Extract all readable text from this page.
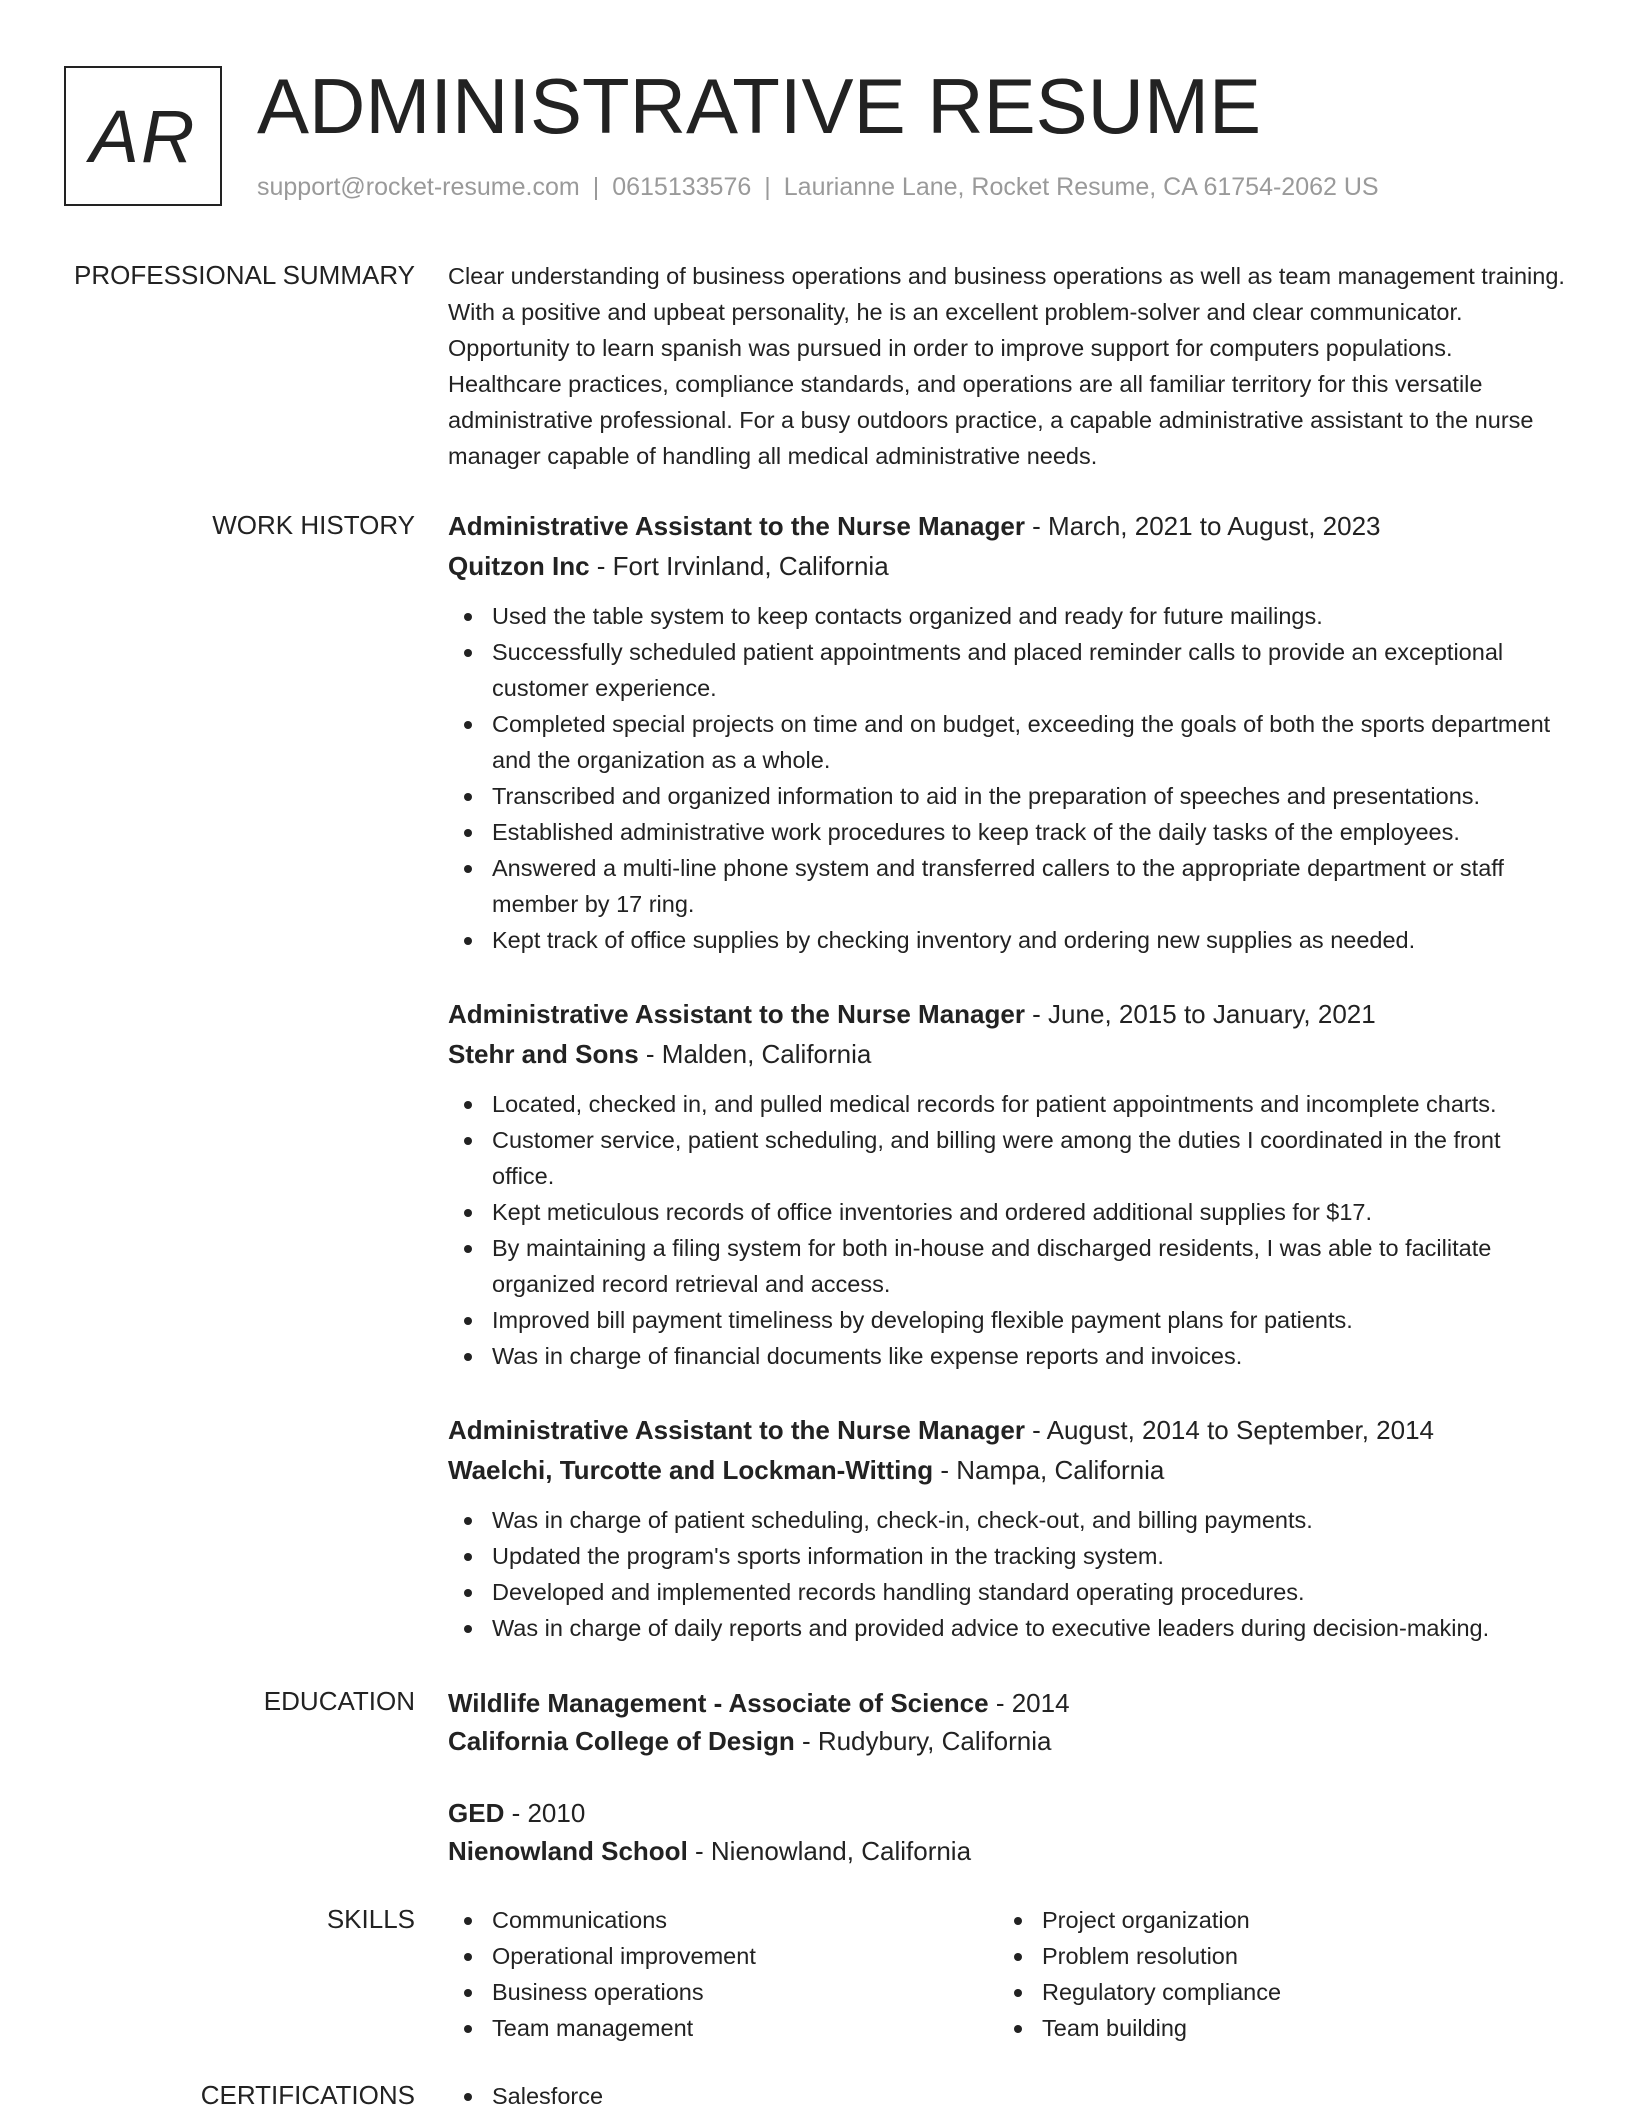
AR ADMINISTRATIVE RESUME
support@rocket-resume.com | 0615133576 | Laurianne Lane, Rocket Resume, CA 61754-2062 US
PROFESSIONAL SUMMARY Clear understanding of business operations and business operations as well as team management training. With a positive and upbeat personality, he is an excellent problem-solver and clear communicator. Opportunity to learn spanish was pursued in order to improve support for computers populations. Healthcare practices, compliance standards, and operations are all familiar territory for this versatile administrative professional. For a busy outdoors practice, a capable administrative assistant to the nurse manager capable of handling all medical administrative needs.

WORK HISTORY Administrative Assistant to the Nurse Manager - March, 2021 to August, 2023
Quitzon Inc - Fort Irvinland, California
Used the table system to keep contacts organized and ready for future mailings.
Successfully scheduled patient appointments and placed reminder calls to provide an exceptional customer experience.
Completed special projects on time and on budget, exceeding the goals of both the sports department and the organization as a whole.
Transcribed and organized information to aid in the preparation of speeches and presentations.
Established administrative work procedures to keep track of the daily tasks of the employees.
Answered a multi-line phone system and transferred callers to the appropriate department or staff member by 17 ring.
Kept track of office supplies by checking inventory and ordering new supplies as needed.
Administrative Assistant to the Nurse Manager - June, 2015 to January, 2021
Stehr and Sons - Malden, California
Located, checked in, and pulled medical records for patient appointments and incomplete charts.
Customer service, patient scheduling, and billing were among the duties I coordinated in the front office.
Kept meticulous records of office inventories and ordered additional supplies for $17.
By maintaining a filing system for both in-house and discharged residents, I was able to facilitate organized record retrieval and access.
Improved bill payment timeliness by developing flexible payment plans for patients.
Was in charge of financial documents like expense reports and invoices.
Administrative Assistant to the Nurse Manager - August, 2014 to September, 2014
Waelchi, Turcotte and Lockman-Witting - Nampa, California
Was in charge of patient scheduling, check-in, check-out, and billing payments.
Updated the program's sports information in the tracking system.
Developed and implemented records handling standard operating procedures.
Was in charge of daily reports and provided advice to executive leaders during decision-making.
EDUCATION Wildlife Management - Associate of Science - 2014
California College of Design - Rudybury, California
GED - 2010
Nienowland School - Nienowland, California
SKILLS	Communications
Operational improvement
Business operations
Team management
Project organization
Problem resolution
Regulatory compliance
Team building
CERTIFICATIONS	Salesforce
